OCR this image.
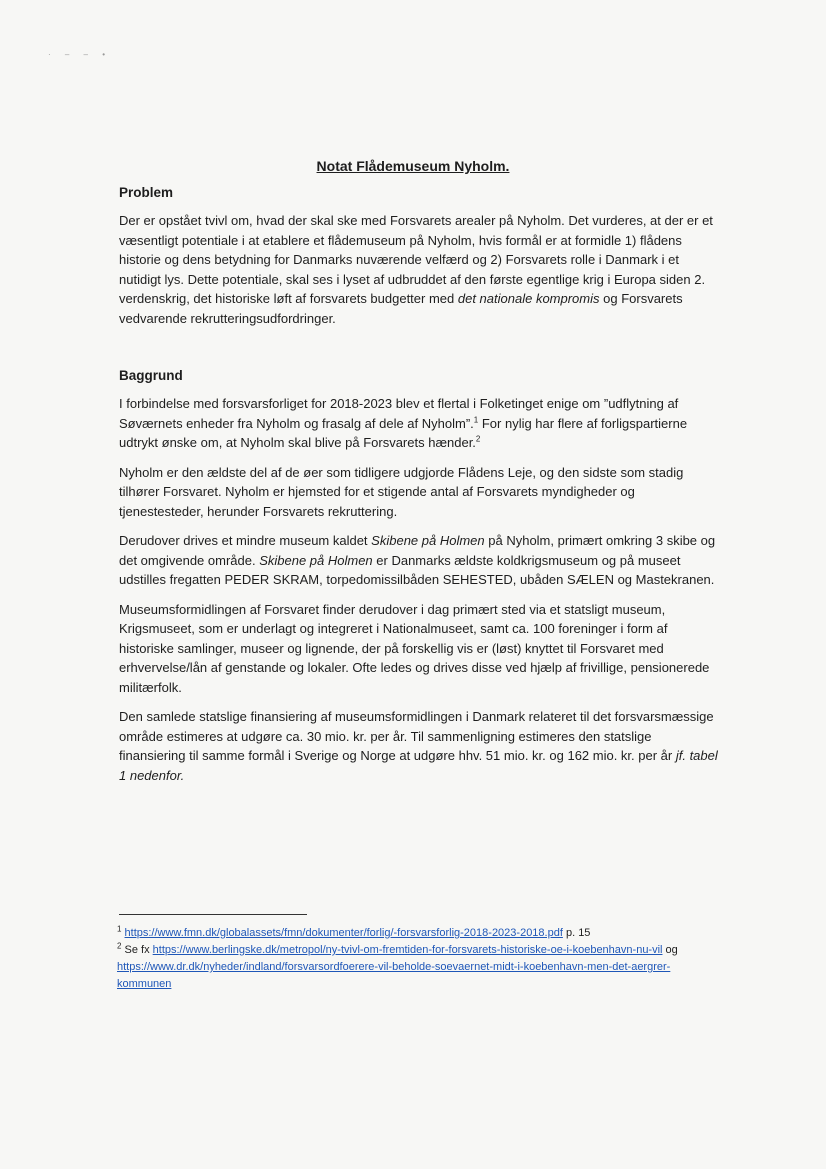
· – – •
Notat Flådemuseum Nyholm.
Problem

Der er opstået tvivl om, hvad der skal ske med Forsvarets arealer på Nyholm. Det vurderes, at der er et væsentligt potentiale i at etablere et flådemuseum på Nyholm, hvis formål er at formidle 1) flådens historie og dens betydning for Danmarks nuværende velfærd og 2) Forsvarets rolle i Danmark i et nutidigt lys. Dette potentiale, skal ses i lyset af udbruddet af den første egentlige krig i Europa siden 2. verdenskrig, det historiske løft af forsvarets budgetter med det nationale kompromis og Forsvarets vedvarende rekrutteringsudfordringer.

Baggrund

I forbindelse med forsvarsforliget for 2018-2023 blev et flertal i Folketinget enige om ”udflytning af Søværnets enheder fra Nyholm og frasalg af dele af Nyholm”.$^1$ For nylig har flere af forligspartierne udtrykt ønske om, at Nyholm skal blive på Forsvarets hænder.$^2$

Nyholm er den ældste del af de øer som tidligere udgjorde Flådens Leje, og den sidste som stadig tilhører Forsvaret. Nyholm er hjemsted for et stigende antal af Forsvarets myndigheder og tjenestesteder, herunder Forsvarets rekruttering.

Derudover drives et mindre museum kaldet Skibene på Holmen på Nyholm, primært omkring 3 skibe og det omgivende område. Skibene på Holmen er Danmarks ældste koldkrigsmuseum og på museet udstilles fregatten PEDER SKRAM, torpedomissilbåden SEHESTED, ubåden SÆLEN og Mastekranen.

Museumsformidlingen af Forsvaret finder derudover i dag primært sted via et statsligt museum, Krigsmuseet, som er underlagt og integreret i Nationalmuseet, samt ca. 100 foreninger i form af historiske samlinger, museer og lignende, der på forskellig vis er (løst) knyttet til Forsvaret med erhvervelse/lån af genstande og lokaler. Ofte ledes og drives disse ved hjælp af frivillige, pensionerede militærfolk.

Den samlede statslige finansiering af museumsformidlingen i Danmark relateret til det forsvarsmæssige område estimeres at udgøre ca. 30 mio. kr. per år. Til sammenligning estimeres den statslige finansiering til samme formål i Sverige og Norge at udgøre hhv. 51 mio. kr. og 162 mio. kr. per år jf. tabel 1 nedenfor.

$^1$ https://www.fmn.dk/globalassets/fmn/dokumenter/forlig/-forsvarsforlig-2018-2023-2018.pdf p. 15
$^2$ Se fx https://www.berlingske.dk/metropol/ny-tvivl-om-fremtiden-for-forsvarets-historiske-oe-i-koebenhavn-nu-vil og https://www.dr.dk/nyheder/indland/forsvarsordfoerere-vil-beholde-soevaernet-midt-i-koebenhavn-men-det-aergrer-kommunen
